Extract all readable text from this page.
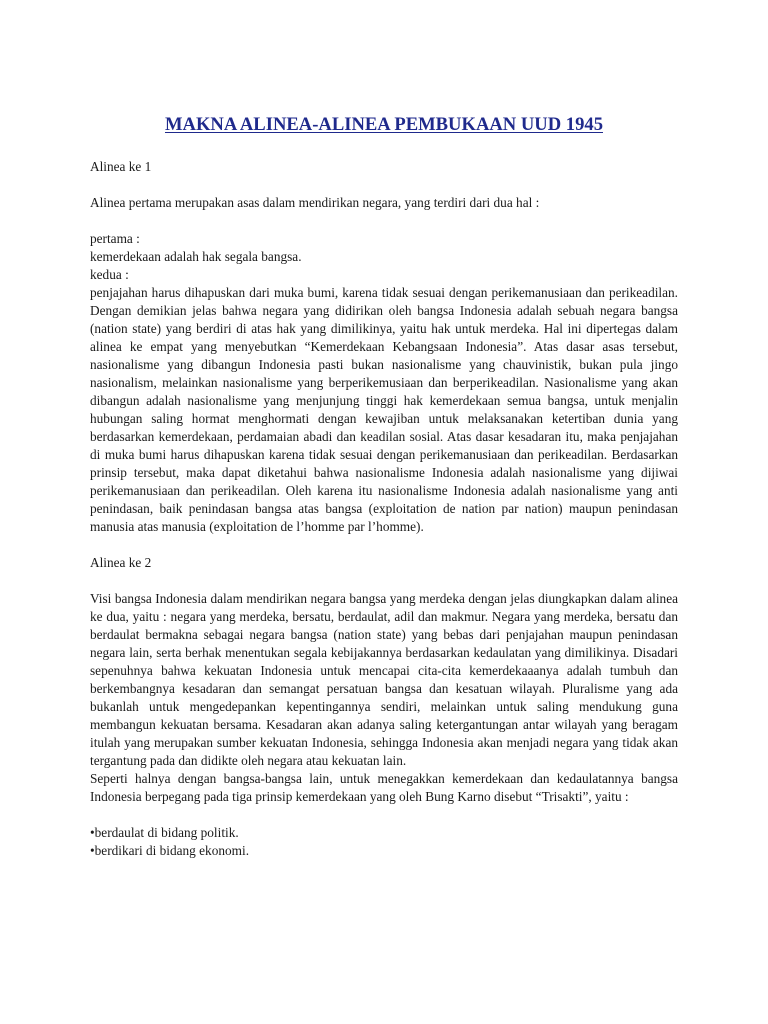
MAKNA ALINEA-ALINEA PEMBUKAAN UUD 1945

Alinea ke 1

Alinea pertama merupakan asas dalam mendirikan negara, yang terdiri dari dua hal :

pertama :

kemerdekaan adalah hak segala bangsa.

kedua :

penjajahan harus dihapuskan dari muka bumi, karena tidak sesuai dengan perikemanusiaan dan perikeadilan. Dengan demikian jelas bahwa negara yang didirikan oleh bangsa Indonesia adalah sebuah negara bangsa (nation state) yang berdiri di atas hak yang dimilikinya, yaitu hak untuk merdeka. Hal ini dipertegas dalam alinea ke empat yang menyebutkan “Kemerdekaan Kebangsaan Indonesia”. Atas dasar asas tersebut, nasionalisme yang dibangun Indonesia pasti bukan nasionalisme yang chauvinistik, bukan pula jingo nasionalism, melainkan nasionalisme yang berperikemusiaan dan berperikeadilan. Nasionalisme yang akan dibangun adalah nasionalisme yang menjunjung tinggi hak kemerdekaan semua bangsa, untuk menjalin hubungan saling hormat menghormati dengan kewajiban untuk melaksanakan ketertiban dunia yang berdasarkan kemerdekaan, perdamaian abadi dan keadilan sosial. Atas dasar kesadaran itu, maka penjajahan di muka bumi harus dihapuskan karena tidak sesuai dengan perikemanusiaan dan perikeadilan. Berdasarkan prinsip tersebut, maka dapat diketahui bahwa nasionalisme Indonesia adalah nasionalisme yang dijiwai perikemanusiaan dan perikeadilan. Oleh karena itu nasionalisme Indonesia adalah nasionalisme yang anti penindasan, baik penindasan bangsa atas bangsa (exploitation de nation par nation) maupun penindasan manusia atas manusia (exploitation de l’homme par l’homme).

Alinea ke 2

Visi bangsa Indonesia dalam mendirikan negara bangsa yang merdeka dengan jelas diungkapkan dalam alinea ke dua, yaitu : negara yang merdeka, bersatu, berdaulat, adil dan makmur. Negara yang merdeka, bersatu dan berdaulat bermakna sebagai negara bangsa (nation state) yang bebas dari penjajahan maupun penindasan negara lain, serta berhak menentukan segala kebijakannya berdasarkan kedaulatan yang dimilikinya. Disadari sepenuhnya bahwa kekuatan Indonesia untuk mencapai cita-cita kemerdekaaanya adalah tumbuh dan berkembangnya kesadaran dan semangat persatuan bangsa dan kesatuan wilayah. Pluralisme yang ada bukanlah untuk mengedepankan kepentingannya sendiri, melainkan untuk saling mendukung guna membangun kekuatan bersama. Kesadaran akan adanya saling ketergantungan antar wilayah yang beragam itulah yang merupakan sumber kekuatan Indonesia, sehingga Indonesia akan menjadi negara yang tidak akan tergantung pada dan didikte oleh negara atau kekuatan lain.

Seperti halnya dengan bangsa-bangsa lain, untuk menegakkan kemerdekaan dan kedaulatannya bangsa Indonesia berpegang pada tiga prinsip kemerdekaan yang oleh Bung Karno disebut “Trisakti”, yaitu :

• berdaulat di bidang politik.

• berdikari di bidang ekonomi.
